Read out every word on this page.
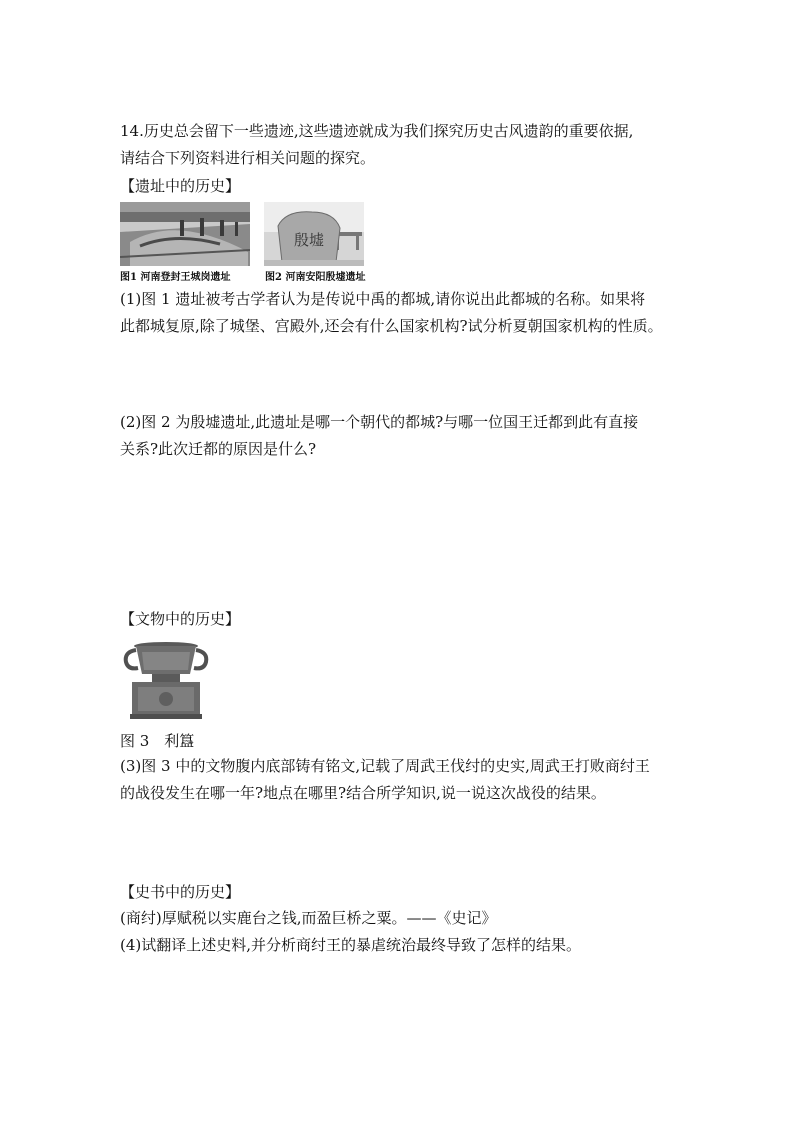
14.历史总会留下一些遗迹,这些遗迹就成为我们探究历史古风遗韵的重要依据,
请结合下列资料进行相关问题的探究。
【遗址中的历史】
殷墟
图1 河南登封王城岗遗址	图2 河南安阳殷墟遗址
(1)图 1 遗址被考古学者认为是传说中禹的都城,请你说出此都城的名称。如果将
此都城复原,除了城堡、宫殿外,还会有什么国家机构?试分析夏朝国家机构的性质。
(2)图 2 为殷墟遗址,此遗址是哪一个朝代的都城?与哪一位国王迁都到此有直接
关系?此次迁都的原因是什么?
【文物中的历史】
图 3　利簋
(3)图 3 中的文物腹内底部铸有铭文,记载了周武王伐纣的史实,周武王打败商纣王
的战役发生在哪一年?地点在哪里?结合所学知识,说一说这次战役的结果。
【史书中的历史】
(商纣)厚赋税以实鹿台之钱,而盈巨桥之粟。——《史记》
(4)试翻译上述史料,并分析商纣王的暴虐统治最终导致了怎样的结果。
